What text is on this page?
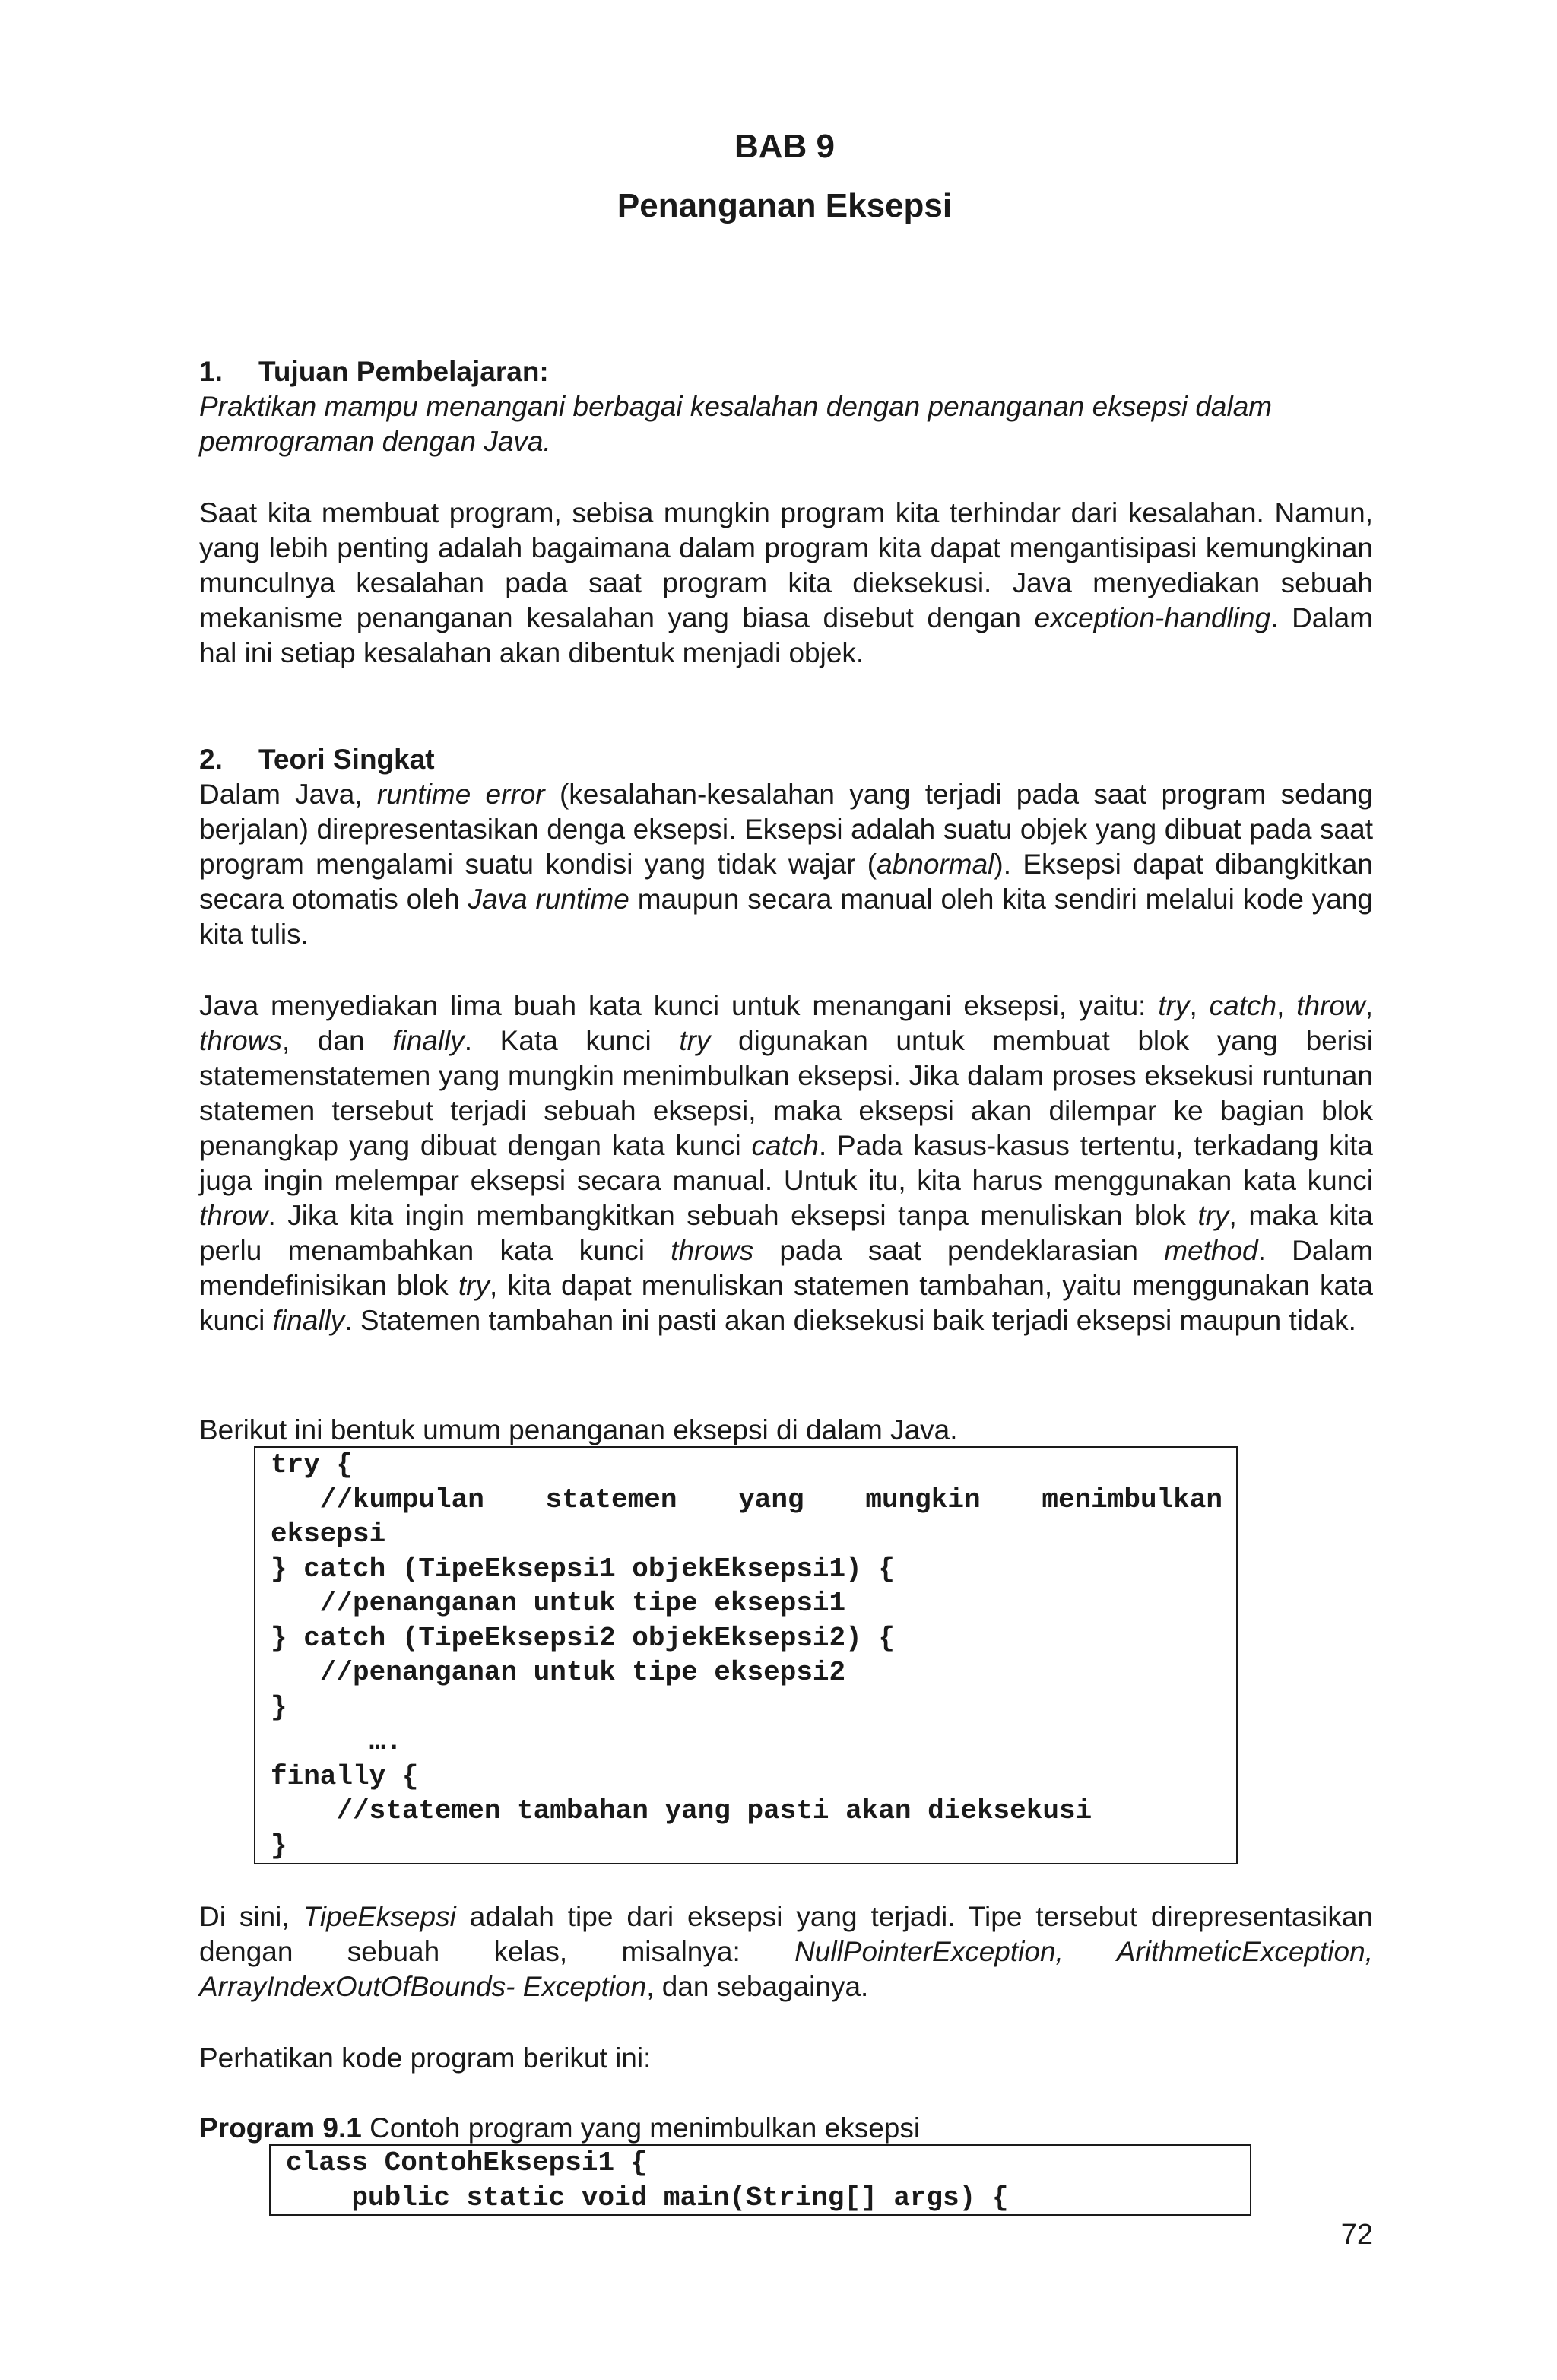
BAB 9
Penanganan Eksepsi
1. Tujuan Pembelajaran:
Praktikan mampu menangani berbagai kesalahan dengan penanganan eksepsi dalam pemrograman dengan Java.

Saat kita membuat program, sebisa mungkin program kita terhindar dari kesalahan. Namun, yang lebih penting adalah bagaimana dalam program kita dapat mengantisipasi kemungkinan munculnya kesalahan pada saat program kita dieksekusi. Java menyediakan sebuah mekanisme penanganan kesalahan yang biasa disebut dengan exception-handling. Dalam hal ini setiap kesalahan akan dibentuk menjadi objek.

2. Teori Singkat

Dalam Java, runtime error (kesalahan-kesalahan yang terjadi pada saat program sedang berjalan) direpresentasikan denga eksepsi. Eksepsi adalah suatu objek yang dibuat pada saat program mengalami suatu kondisi yang tidak wajar (abnormal). Eksepsi dapat dibangkitkan secara otomatis oleh Java runtime maupun secara manual oleh kita sendiri melalui kode yang kita tulis.

Java menyediakan lima buah kata kunci untuk menangani eksepsi, yaitu: try, catch, throw, throws, dan finally. Kata kunci try digunakan untuk membuat blok yang berisi statemenstatemen yang mungkin menimbulkan eksepsi. Jika dalam proses eksekusi runtunan statemen tersebut terjadi sebuah eksepsi, maka eksepsi akan dilempar ke bagian blok penangkap yang dibuat dengan kata kunci catch. Pada kasus-kasus tertentu, terkadang kita juga ingin melempar eksepsi secara manual. Untuk itu, kita harus menggunakan kata kunci throw. Jika kita ingin membangkitkan sebuah eksepsi tanpa menuliskan blok try, maka kita perlu menambahkan kata kunci throws pada saat pendeklarasian method. Dalam mendefinisikan blok try, kita dapat menuliskan statemen tambahan, yaitu menggunakan kata kunci finally. Statemen tambahan ini pasti akan dieksekusi baik terjadi eksepsi maupun tidak.

Berikut ini bentuk umum penanganan eksepsi di dalam Java.

try {
//kumpulan statemen yang mungkin menimbulkan
eksepsi
} catch (TipeEksepsi1 objekEksepsi1) {
//penanganan untuk tipe eksepsi1
} catch (TipeEksepsi2 objekEksepsi2) {
//penanganan untuk tipe eksepsi2
}
….
finally {
//statemen tambahan yang pasti akan dieksekusi
}

Di sini, TipeEksepsi adalah tipe dari eksepsi yang terjadi. Tipe tersebut direpresentasikan dengan sebuah kelas, misalnya: NullPointerException, ArithmeticException, ArrayIndexOutOfBounds- Exception, dan sebagainya.

Perhatikan kode program berikut ini:

Program 9.1 Contoh program yang menimbulkan eksepsi

class ContohEksepsi1 {
public static void main(String[] args) {

72
